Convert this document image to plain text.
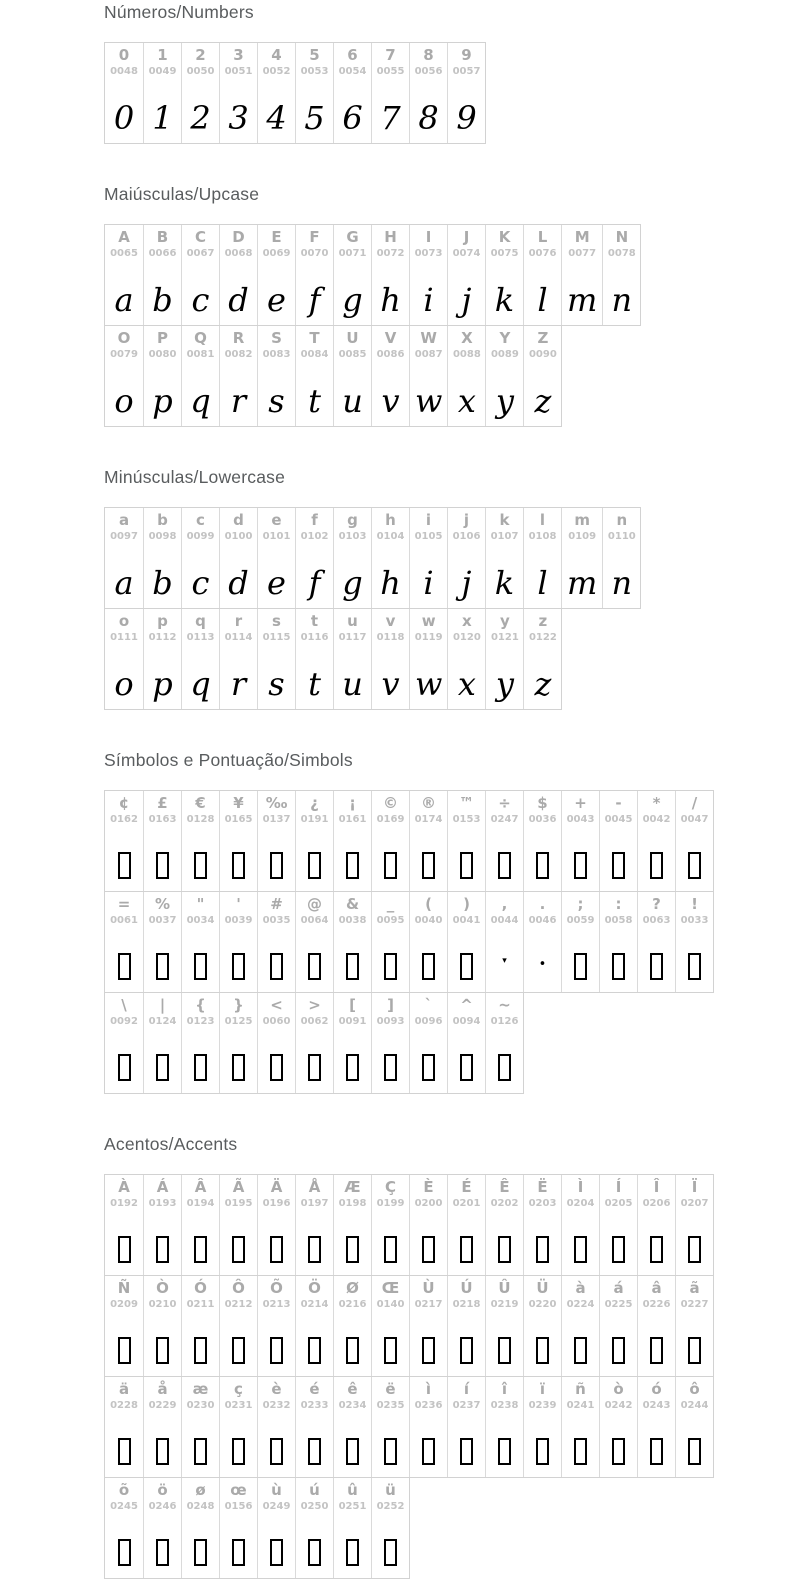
Números/Numbers
0
0048
0
1
0049
1
2
0050
2
3
0051
3
4
0052
4
5
0053
5
6
0054
6
7
0055
7
8
0056
8
9
0057
9
Maiúsculas/Upcase
A
0065
a
B
0066
b
C
0067
c
D
0068
d
E
0069
e
F
0070
f
G
0071
g
H
0072
h
I
0073
i
J
0074
j
K
0075
k
L
0076
l
M
0077
m
N
0078
n
O
0079
o
P
0080
p
Q
0081
q
R
0082
r
S
0083
s
T
0084
t
U
0085
u
V
0086
v
W
0087
w
X
0088
x
Y
0089
y
Z
0090
z
Minúsculas/Lowercase
a
0097
a
b
0098
b
c
0099
c
d
0100
d
e
0101
e
f
0102
f
g
0103
g
h
0104
h
i
0105
i
j
0106
j
k
0107
k
l
0108
l
m
0109
m
n
0110
n
o
0111
o
p
0112
p
q
0113
q
r
0114
r
s
0115
s
t
0116
t
u
0117
u
v
0118
v
w
0119
w
x
0120
x
y
0121
y
z
0122
z
Símbolos e Pontuação/Simbols
¢
0162
£
0163
€
0128
¥
0165
‰
0137
¿
0191
¡
0161
©
0169
®
0174
™
0153
÷
0247
$
0036
+
0043
-
0045
*
0042
/
0047
=
0061
%
0037
"
0034
'
0039
#
0035
@
0064
&
0038
_
0095
(
0040
)
0041
,
0044
▾
.
0046
•
;
0059
:
0058
?
0063
!
0033
\
0092
|
0124
{
0123
}
0125
<
0060
>
0062
[
0091
]
0093
`
0096
^
0094
~
0126
Acentos/Accents
À
0192
Á
0193
Â
0194
Ã
0195
Ä
0196
Å
0197
Æ
0198
Ç
0199
È
0200
É
0201
Ê
0202
Ë
0203
Ì
0204
Í
0205
Î
0206
Ï
0207
Ñ
0209
Ò
0210
Ó
0211
Ô
0212
Õ
0213
Ö
0214
Ø
0216
Œ
0140
Ù
0217
Ú
0218
Û
0219
Ü
0220
à
0224
á
0225
â
0226
ã
0227
ä
0228
å
0229
æ
0230
ç
0231
è
0232
é
0233
ê
0234
ë
0235
ì
0236
í
0237
î
0238
ï
0239
ñ
0241
ò
0242
ó
0243
ô
0244
õ
0245
ö
0246
ø
0248
œ
0156
ù
0249
ú
0250
û
0251
ü
0252
